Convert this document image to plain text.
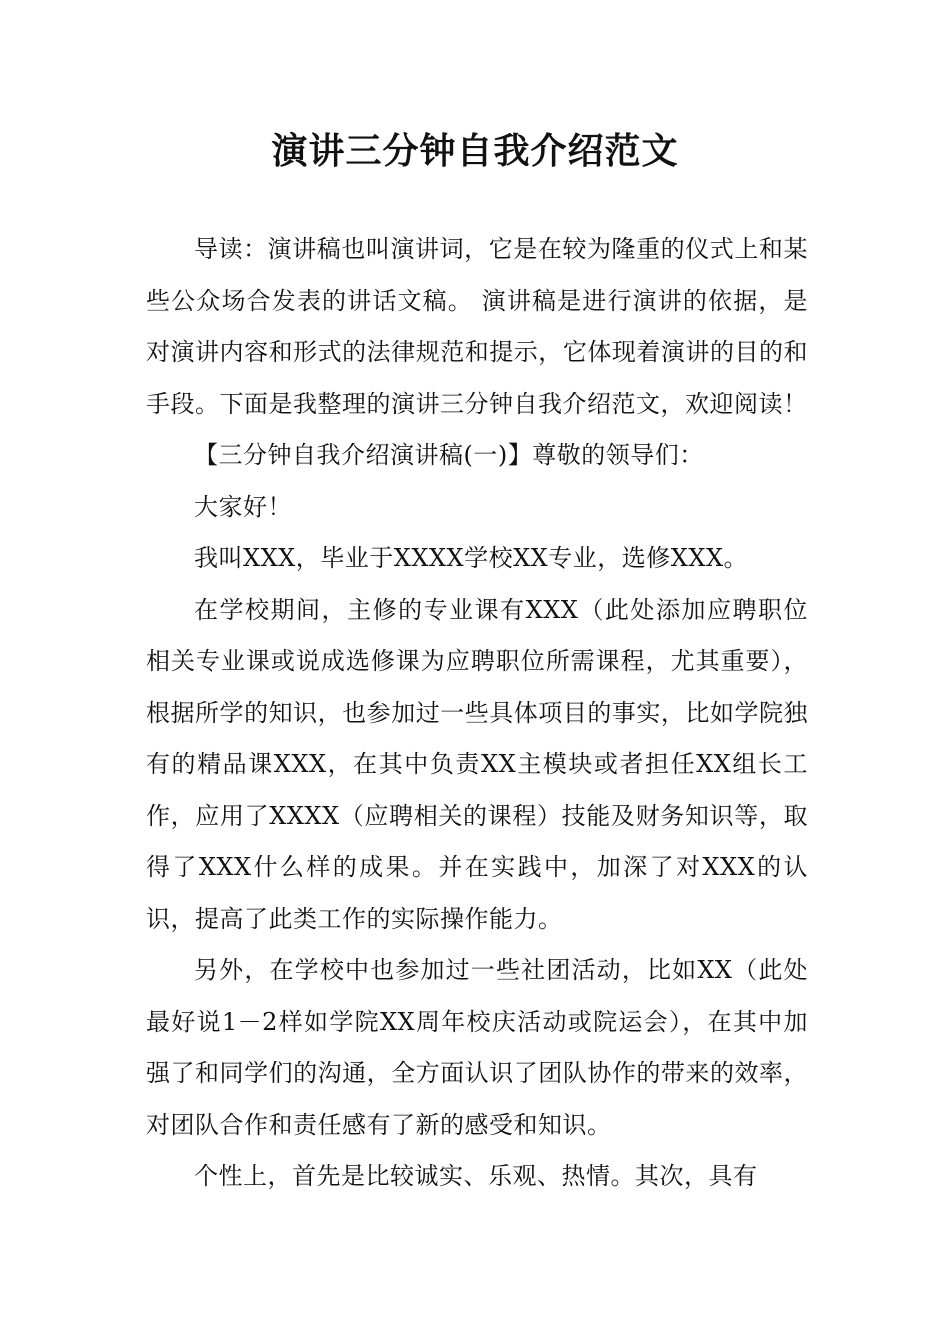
演讲三分钟自我介绍范文

导读：演讲稿也叫演讲词，它是在较为隆重的仪式上和某些公众场合发表的讲话文稿。 演讲稿是进行演讲的依据，是对演讲内容和形式的法律规范和提示，它体现着演讲的目的和手段。下面是我整理的演讲三分钟自我介绍范文，欢迎阅读！

【三分钟自我介绍演讲稿(一)】尊敬的领导们：

大家好！

我叫XXX，毕业于XXXX学校XX专业，选修XXX。

在学校期间，主修的专业课有XXX（此处添加应聘职位相关专业课或说成选修课为应聘职位所需课程，尤其重要），根据所学的知识，也参加过一些具体项目的事实，比如学院独有的精品课XXX，在其中负责XX主模块或者担任XX组长工作，应用了XXXX（应聘相关的课程）技能及财务知识等，取得了XXX什么样的成果。并在实践中，加深了对XXX的认识，提高了此类工作的实际操作能力。

另外，在学校中也参加过一些社团活动，比如XX（此处最好说1－2样如学院XX周年校庆活动或院运会），在其中加强了和同学们的沟通，全方面认识了团队协作的带来的效率，对团队合作和责任感有了新的感受和知识。

个性上，首先是比较诚实、乐观、热情。其次，具有
